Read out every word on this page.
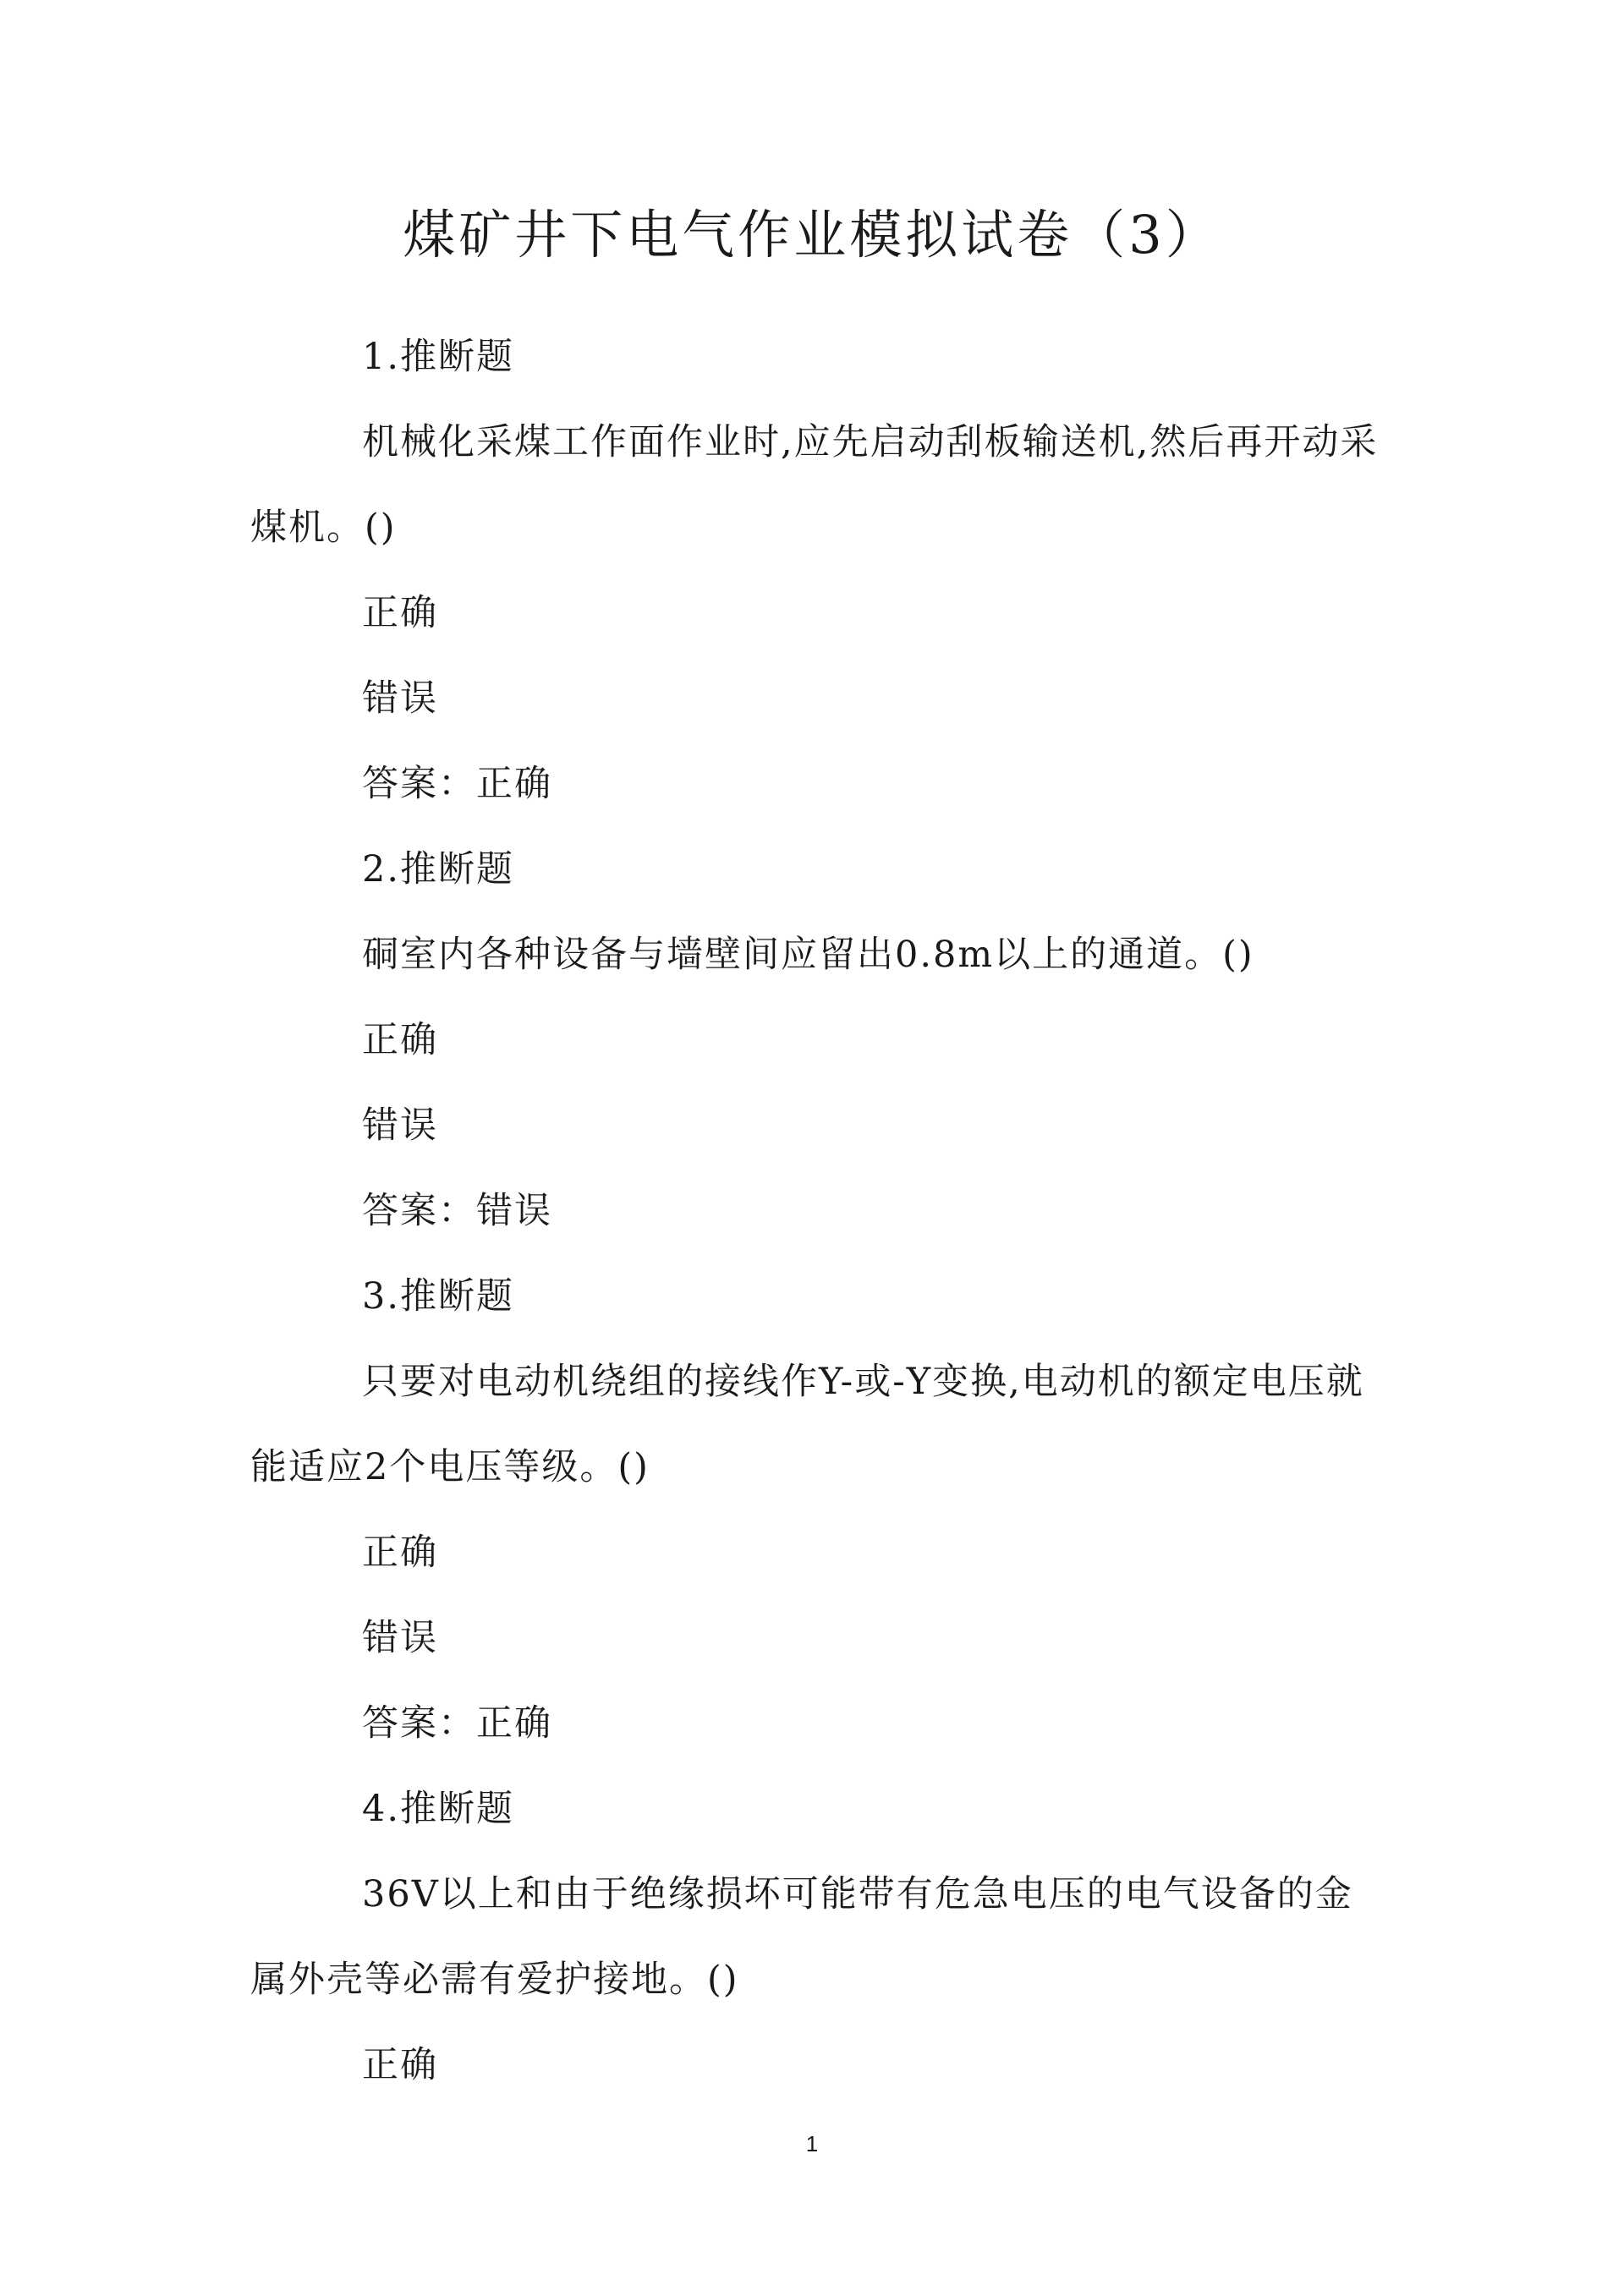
煤矿井下电气作业模拟试卷（3）
1.推断题

机械化采煤工作面作业时,应先启动刮板输送机,然后再开动采煤机。()

正确
错误
答案：正确
2.推断题

硐室内各种设备与墙壁间应留出0.8m以上的通道。()

正确
错误
答案：错误
3.推断题

只要对电动机绕组的接线作Y-或-Y变换,电动机的额定电压就能适应2个电压等级。()

正确
错误
答案：正确
4.推断题

36V以上和由于绝缘损坏可能带有危急电压的电气设备的金属外壳等必需有爱护接地。()

正确
1
